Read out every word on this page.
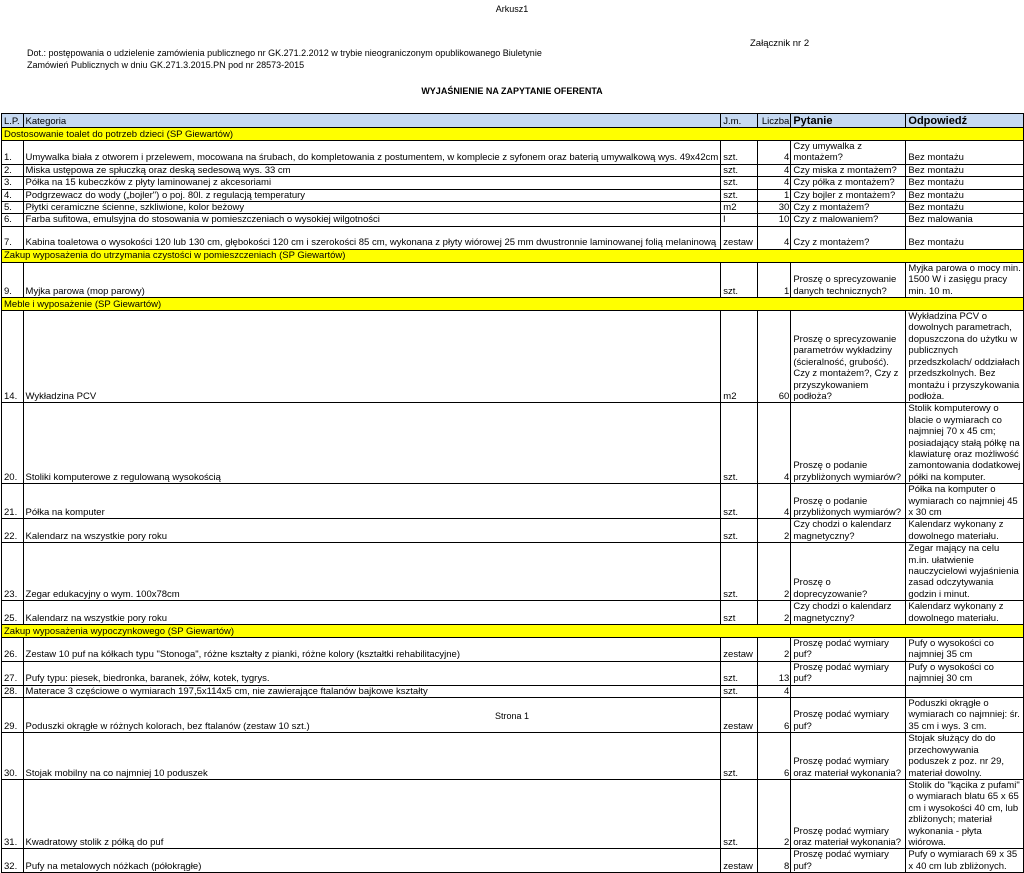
Arkusz1
Dot.: postępowania o udzielenie zamówienia publicznego nr GK.271.2.2012 w trybie nieograniczonym opublikowanego Biuletynie
Zamówień Publicznych w dniu GK.271.3.2015.PN pod nr 28573-2015
Załącznik nr 2
WYJAŚNIENIE NA ZAPYTANIE OFERENTA
L.P.	Kategoria	J.m.	Liczba	Pytanie	Odpowiedź
Dostosowanie toalet do potrzeb dzieci (SP Giewartów)					
1.	Umywalka biała z otworem i przelewem, mocowana na śrubach, do kompletowania z postumentem, w komplecie z syfonem oraz baterią umywalkową wys. 49x42cm	szt.	4	Czy umywalka z montażem?	Bez montażu
2.	Miska ustępowa ze spłuczką oraz deską sedesową wys. 33 cm	szt.	4	Czy miska z montażem?	Bez montażu
3.	Półka na 15 kubeczków z płyty laminowanej z akcesoriami	szt.	4	Czy półka z montażem?	Bez montażu
4.	Podgrzewacz do wody („bojler") o poj. 80l. z regulacją temperatury	szt.	1	Czy bojler z montażem?	Bez montażu
5.	Płytki ceramiczne ścienne, szkliwione, kolor beżowy	m2	30	Czy z montażem?	Bez montażu
6.	Farba sufitowa, emulsyjna do stosowania w pomieszczeniach o wysokiej wilgotności	l	10	Czy z malowaniem?	Bez malowania
7.	Kabina toaletowa o wysokości 120 lub 130 cm, głębokości 120 cm i szerokości 85 cm, wykonana z płyty wiórowej 25 mm dwustronnie laminowanej folią melaninową	zestaw	4	Czy z montażem?	Bez montażu
Zakup wyposażenia do utrzymania czystości w pomieszczeniach (SP Giewartów)					
9.	Myjka parowa (mop parowy)	szt.	1	Proszę o sprecyzowanie danych technicznych?	Myjka parowa o mocy min. 1500 W i zasięgu pracy min. 10 m.
Meble i wyposażenie (SP Giewartów)					
14.	Wykładzina PCV	m2	60	Proszę o sprecyzowanie parametrów wykładziny (ścieralność, grubość). Czy z montażem?, Czy z przyszykowaniem podłoża?	Wykładzina PCV o dowolnych parametrach, dopuszczona do użytku w publicznych przedszkolach/ oddziałach przedszkolnych. Bez montażu i przyszykowania podłoża.
20.	Stoliki komputerowe z regulowaną wysokością	szt.	4	Proszę o podanie przybliżonych wymiarów?	Stolik komputerowy o blacie o wymiarach co najmniej 70 x 45 cm; posiadający stałą półkę na klawiaturę oraz możliwość zamontowania dodatkowej półki na komputer.
21.	Półka na komputer	szt.	4	Proszę o podanie przybliżonych wymiarów?	Półka na komputer o wymiarach co najmniej 45 x 30 cm
22.	Kalendarz na wszystkie pory roku	szt.	2	Czy chodzi o kalendarz magnetyczny?	Kalendarz wykonany z dowolnego materiału.
23.	Zegar edukacyjny o wym. 100x78cm	szt.	2	Proszę o doprecyzowanie?	Zegar mający na celu m.in. ułatwienie nauczycielowi wyjaśnienia zasad odczytywania godzin i minut.
25.	Kalendarz na wszystkie pory roku	szt	2	Czy chodzi o kalendarz magnetyczny?	Kalendarz wykonany z dowolnego materiału.
Zakup wyposażenia wypoczynkowego (SP Giewartów)					
26.	Zestaw 10 puf na kółkach typu "Stonoga", różne kształty z pianki, różne kolory (kształtki rehabilitacyjne)	zestaw	2	Proszę podać wymiary puf?	Pufy o wysokości co najmniej 35 cm
27.	Pufy typu: piesek, biedronka, baranek, żółw, kotek, tygrys.	szt.	13	Proszę podać wymiary puf?	Pufy o wysokości co najmniej 30 cm
28.	Materace 3 częściowe o wymiarach 197,5x114x5 cm, nie zawierające ftalanów bajkowe kształty	szt.	4		
29.	Poduszki okrągłe w różnych kolorach, bez ftalanów (zestaw 10 szt.)	zestaw	6	Proszę podać wymiary puf?	Poduszki okrągłe o wymiarach co najmniej: śr. 35 cm i wys. 3 cm.
30.	Stojak mobilny na co najmniej 10 poduszek	szt.	6	Proszę podać wymiary oraz materiał wykonania?	Stojak służący do do przechowywania poduszek z poz. nr 29, materiał dowolny.
31.	Kwadratowy stolik z półką do puf	szt.	2	Proszę podać wymiary oraz materiał wykonania?	Stolik do "kącika z pufami" o wymiarach blatu 65 x 65 cm i wysokości 40 cm, lub zbliżonych; materiał wykonania - płyta wiórowa.
32.	Pufy na metalowych nóżkach (półokrągłe)	zestaw	8	Proszę podać wymiary puf?	Pufy o wymiarach 69 x 35 x 40 cm lub zbliżonych.
Strona 1
